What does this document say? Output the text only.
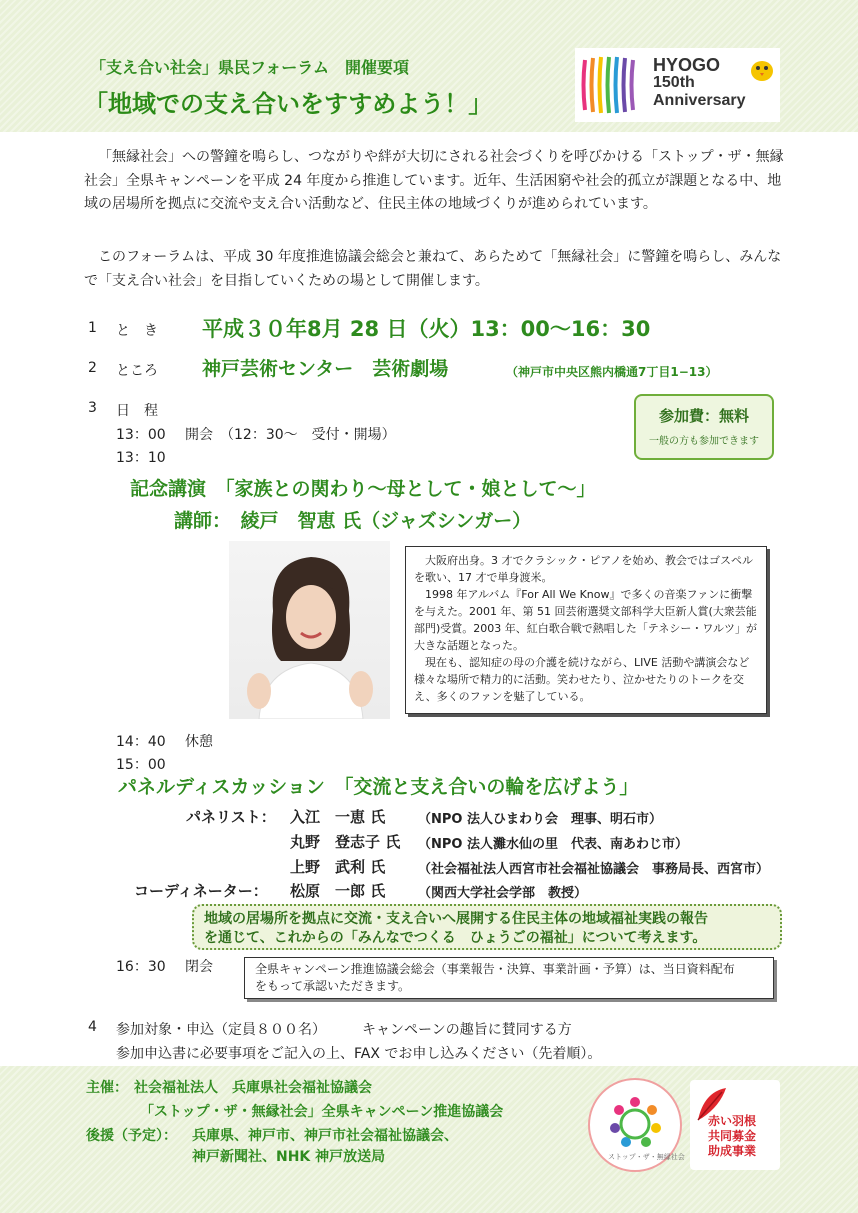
「支え合い社会」県民フォーラム　開催要項
「地域での支え合いをすすめよう！」
HYOGO
150th
Anniversary

「無縁社会」への警鐘を鳴らし、つながりや絆が大切にされる社会づくりを呼びかける「ストップ・ザ・無縁社会」全県キャンペーンを平成 24 年度から推進しています。近年、生活困窮や社会的孤立が課題となる中、地域の居場所を拠点に交流や支え合い活動など、住民主体の地域づくりが進められています。

このフォーラムは、平成 30 年度推進協議会総会と兼ねて、あらためて「無縁社会」に警鐘を鳴らし、みんなで「支え合い社会」を目指していくための場として開催します。

1 と　き 平成３０年8月 28 日（火）13：00～16：30
2 ところ 神戸芸術センター　芸術劇場	（神戸市中央区熊内橋通7丁目1−13）
3 日　程	参加費：無料
一般の方も参加できます
13：00 開会　（12：30～　受付・開場）
13：10
記念講演　「家族との関わり～母として・娘として～」
講師：　綾戸　智恵 氏（ジャズシンガー）

大阪府出身。3 才でクラシック・ピアノを始め、教会ではゴスペルを歌い、17 才で単身渡米。

1998 年アルバム『For All We Know』で多くの音楽ファンに衝撃を与えた。2001 年、第 51 回芸術選奨文部科学大臣新人賞(大衆芸能部門)受賞。2003 年、紅白歌合戦で熱唱した「テネシー・ワルツ」が大きな話題となった。

現在も、認知症の母の介護を続けながら、LIVE 活動や講演会など様々な場所で精力的に活動。笑わせたり、泣かせたりのトークを交え、多くのファンを魅了している。

14：40 休憩
15：00
パネルディスカッション　「交流と支え合いの輪を広げよう」
パネリスト： 入江　一恵 氏	（NPO 法人ひまわり会　理事、明石市）
丸野　登志子 氏 （NPO 法人灘水仙の里　代表、南あわじ市）
上野　武利 氏	（社会福祉法人西宮市社会福祉協議会　事務局長、西宮市）
コーディネーター： 松原　一郎 氏	（関西大学社会学部　教授）
地域の居場所を拠点に交流・支え合いへ展開する住民主体の地域福祉実践の報告
を通じて、これからの「みんなでつくる　ひょうごの福祉」について考えます。
16：30 閉会	全県キャンペーン推進協議会総会（事業報告・決算、事業計画・予算）は、当日資料配布
をもって承認いただきます。
4 参加対象・申込（定員８００名）	キャンペーンの趣旨に賛同する方
参加申込書に必要事項をご記入の上、FAX でお申し込みください（先着順）。
主催： 社会福祉法人　兵庫県社会福祉協議会
「ストップ・ザ・無縁社会」全県キャンペーン推進協議会
後援（予定）： 兵庫県、神戸市、神戸市社会福祉協議会、
神戸新聞社、NHK 神戸放送局	ストップ・ザ・無縁社会
赤い羽根
共同募金
助成事業
